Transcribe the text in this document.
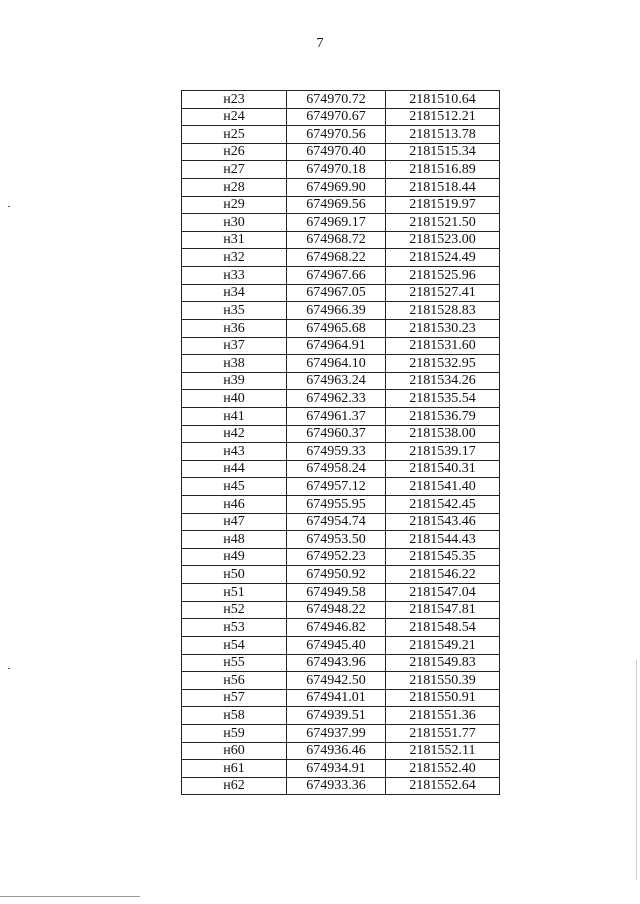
7
н23	674970.72	2181510.64
н24	674970.67	2181512.21
н25	674970.56	2181513.78
н26	674970.40	2181515.34
н27	674970.18	2181516.89
н28	674969.90	2181518.44
н29	674969.56	2181519.97
н30	674969.17	2181521.50
н31	674968.72	2181523.00
н32	674968.22	2181524.49
н33	674967.66	2181525.96
н34	674967.05	2181527.41
н35	674966.39	2181528.83
н36	674965.68	2181530.23
н37	674964.91	2181531.60
н38	674964.10	2181532.95
н39	674963.24	2181534.26
н40	674962.33	2181535.54
н41	674961.37	2181536.79
н42	674960.37	2181538.00
н43	674959.33	2181539.17
н44	674958.24	2181540.31
н45	674957.12	2181541.40
н46	674955.95	2181542.45
н47	674954.74	2181543.46
н48	674953.50	2181544.43
н49	674952.23	2181545.35
н50	674950.92	2181546.22
н51	674949.58	2181547.04
н52	674948.22	2181547.81
н53	674946.82	2181548.54
н54	674945.40	2181549.21
н55	674943.96	2181549.83
н56	674942.50	2181550.39
н57	674941.01	2181550.91
н58	674939.51	2181551.36
н59	674937.99	2181551.77
н60	674936.46	2181552.11
н61	674934.91	2181552.40
н62	674933.36	2181552.64
